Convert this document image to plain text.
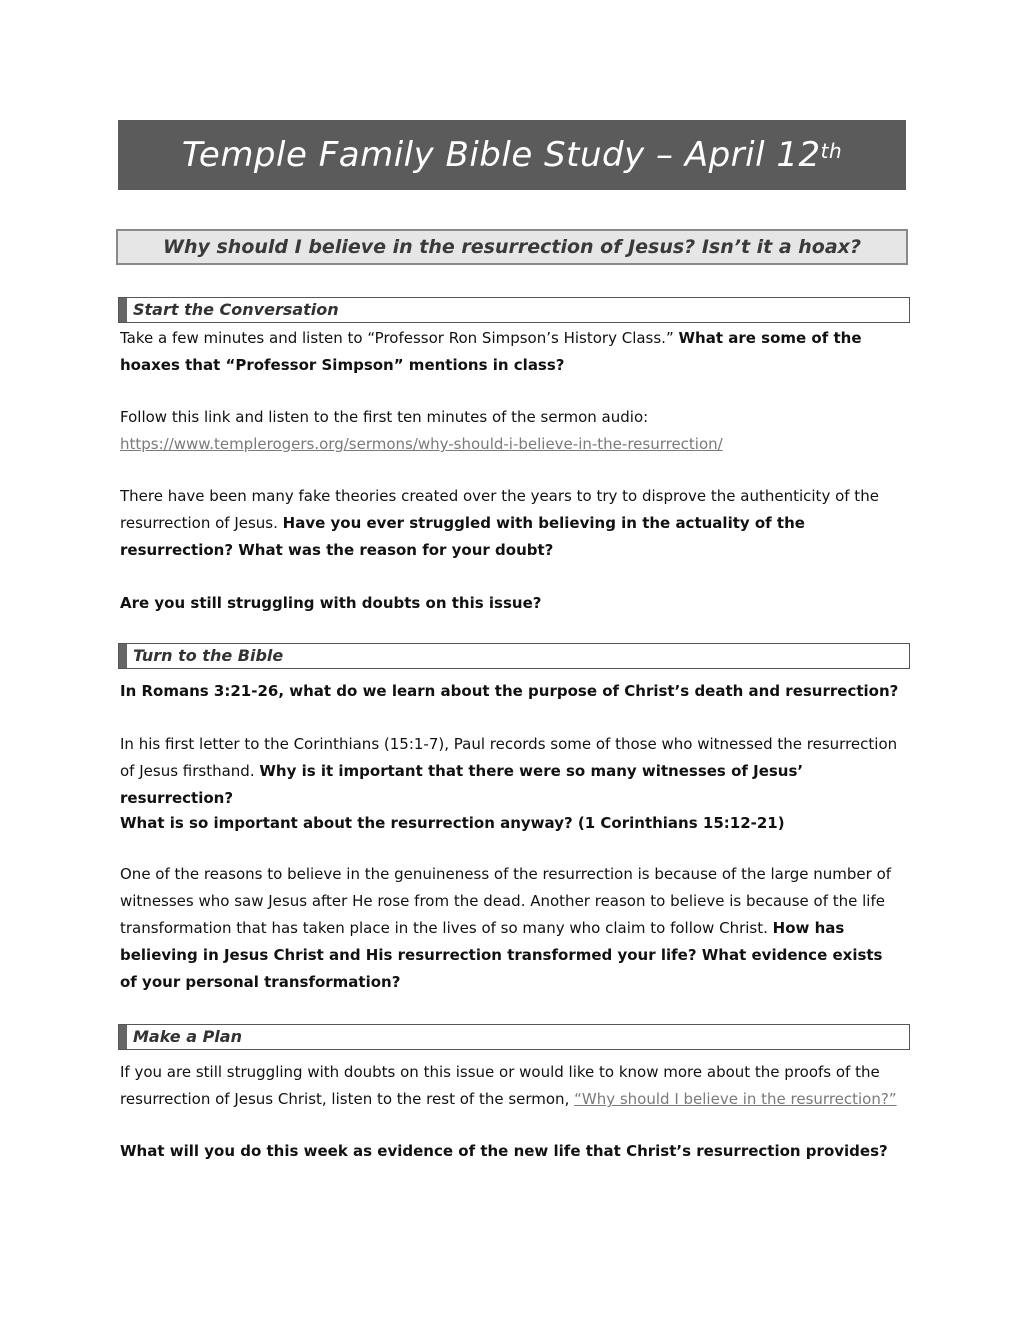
Temple Family Bible Study – April 12th
Why should I believe in the resurrection of Jesus? Isn’t it a hoax?
Start the Conversation
Take a few minutes and listen to “Professor Ron Simpson’s History Class.” What are some of the hoaxes that “Professor Simpson” mentions in class?
Follow this link and listen to the first ten minutes of the sermon audio:
https://www.templerogers.org/sermons/why-should-i-believe-in-the-resurrection/
There have been many fake theories created over the years to try to disprove the authenticity of the resurrection of Jesus. Have you ever struggled with believing in the actuality of the resurrection? What was the reason for your doubt?
Are you still struggling with doubts on this issue?
Turn to the Bible
In Romans 3:21-26, what do we learn about the purpose of Christ’s death and resurrection?
In his first letter to the Corinthians (15:1-7), Paul records some of those who witnessed the resurrection of Jesus firsthand. Why is it important that there were so many witnesses of Jesus’ resurrection?
What is so important about the resurrection anyway? (1 Corinthians 15:12-21)
One of the reasons to believe in the genuineness of the resurrection is because of the large number of witnesses who saw Jesus after He rose from the dead. Another reason to believe is because of the life transformation that has taken place in the lives of so many who claim to follow Christ. How has believing in Jesus Christ and His resurrection transformed your life? What evidence exists of your personal transformation?
Make a Plan
If you are still struggling with doubts on this issue or would like to know more about the proofs of the resurrection of Jesus Christ, listen to the rest of the sermon, “Why should I believe in the resurrection?”
What will you do this week as evidence of the new life that Christ’s resurrection provides?
